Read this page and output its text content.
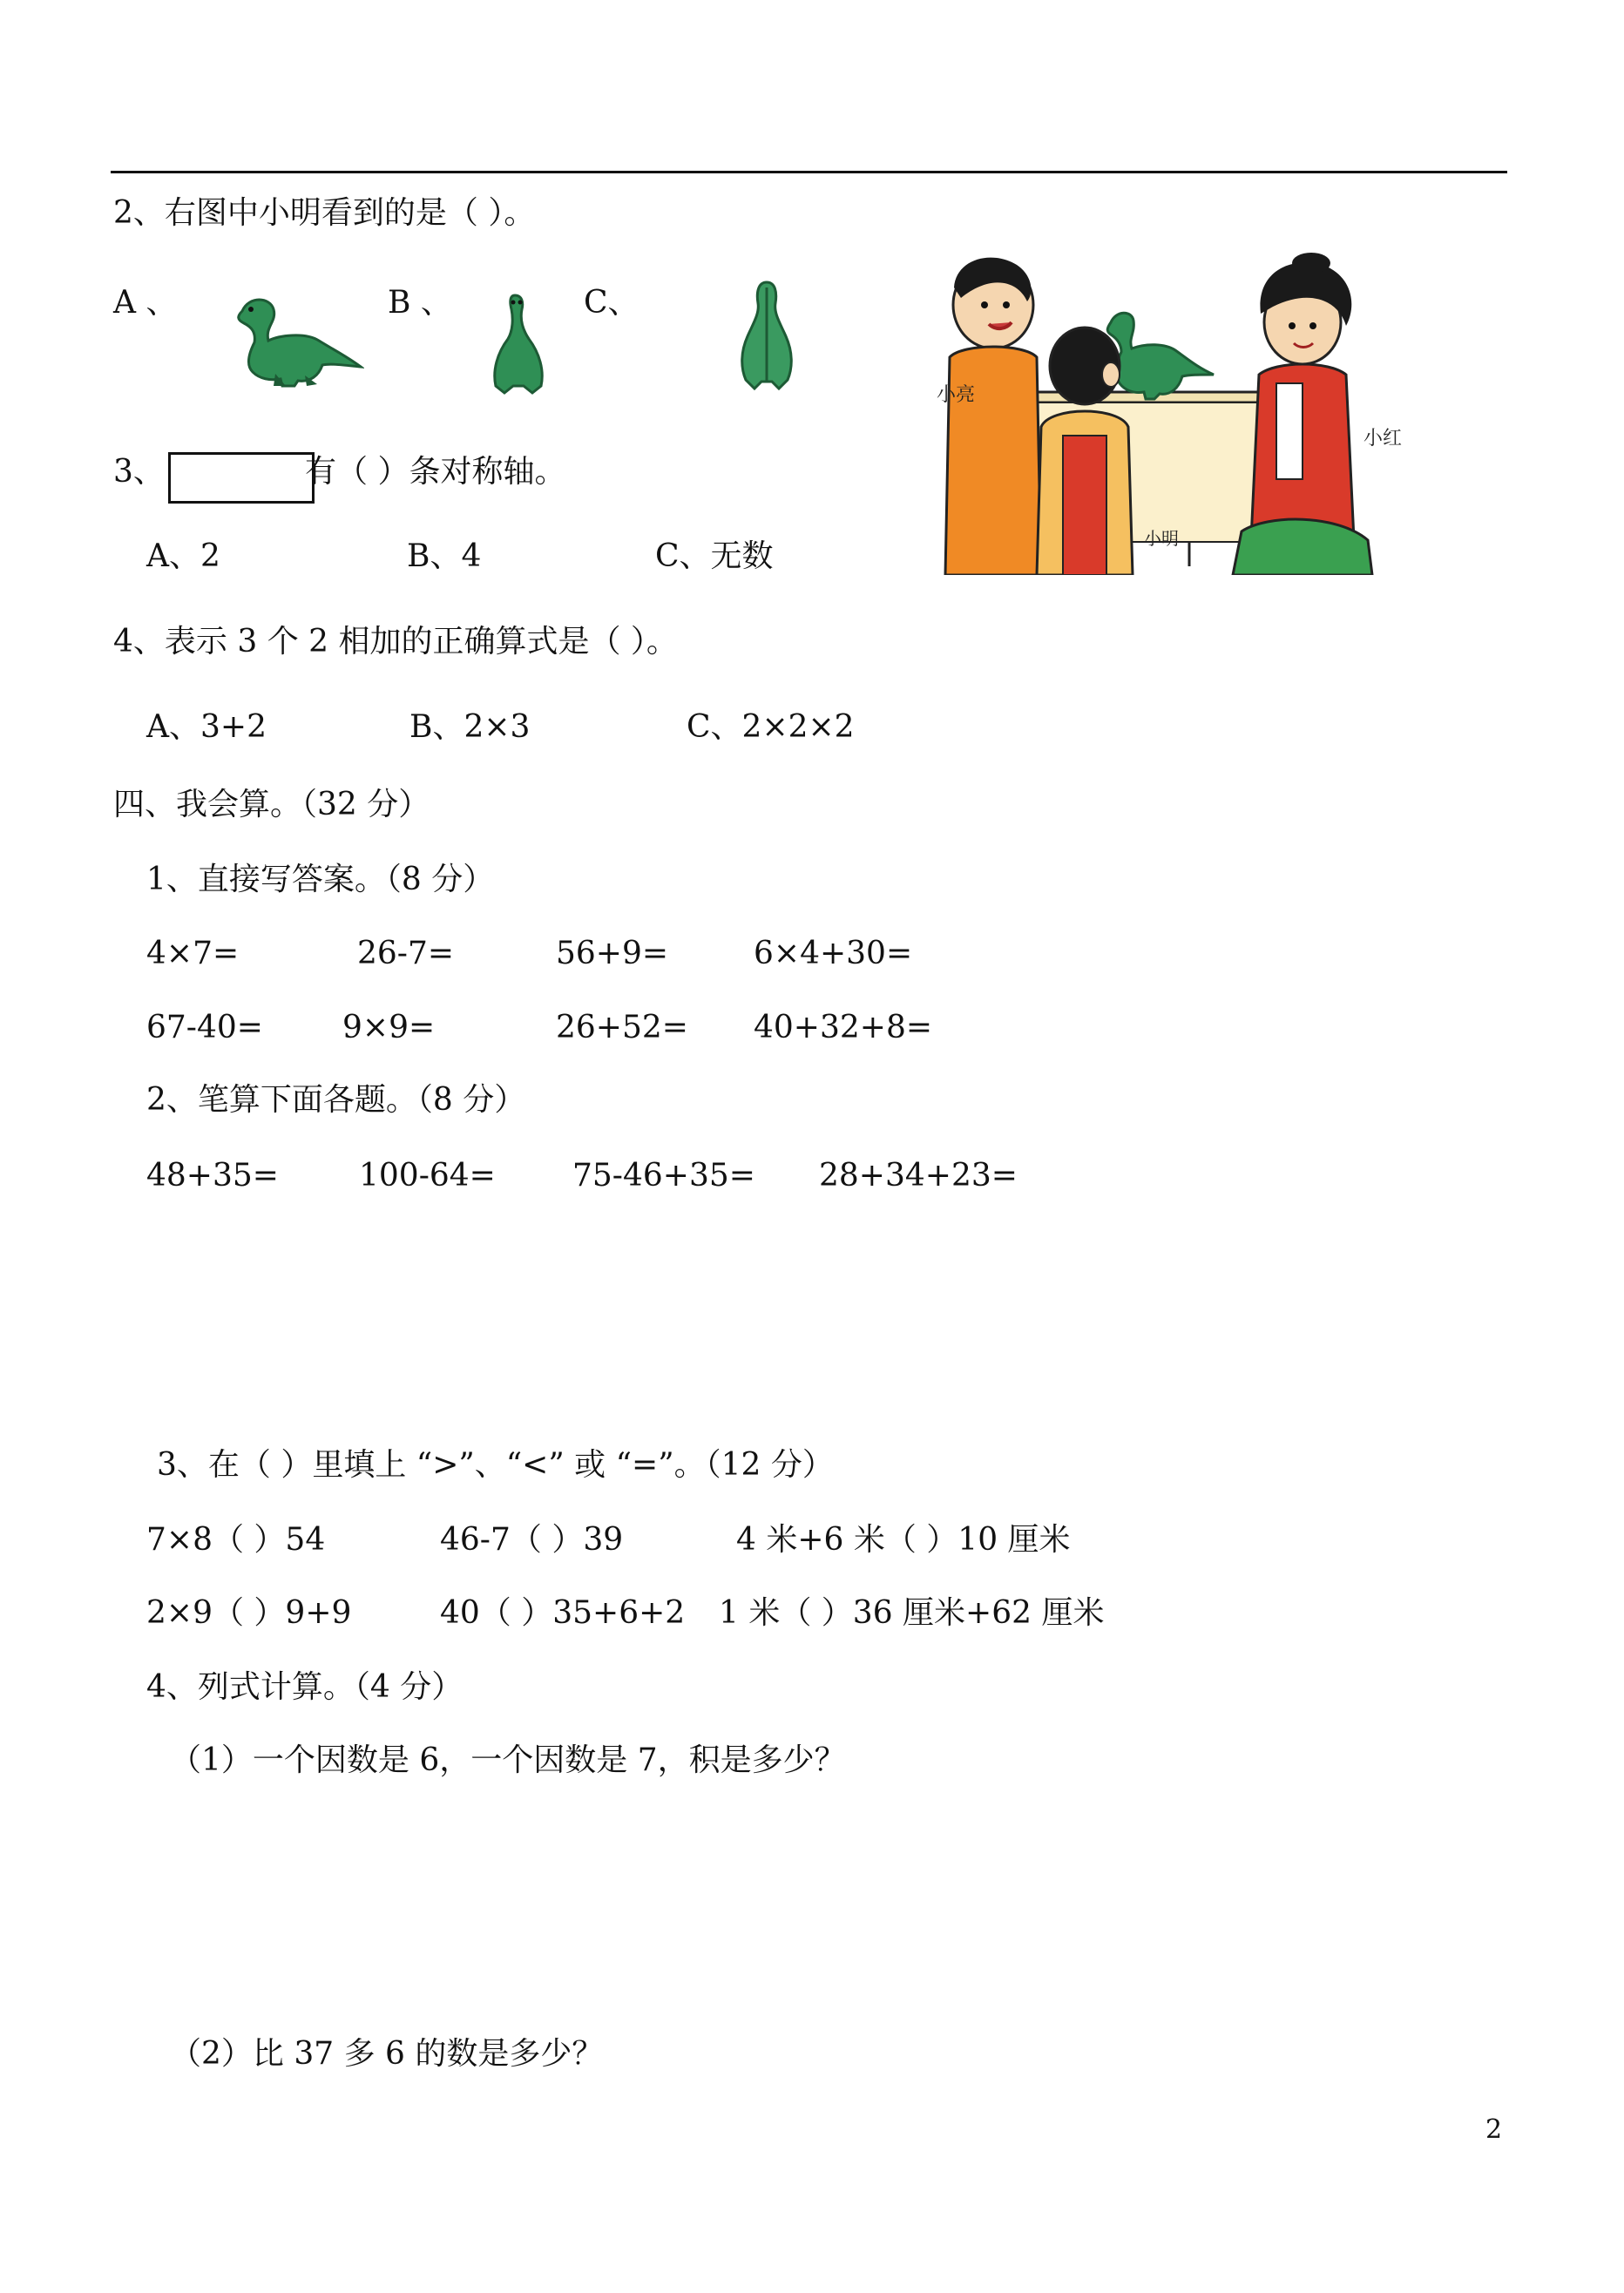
2、右图中小明看到的是（ ）。
A 、	B 、	C、
小亮
小红
小明
3、	有（ ）条对称轴。
A、2	B、4	C、无数
4、表示 3 个 2 相加的正确算式是（ ）。
A、3+2	B、2×3	C、2×2×2
四、我会算。（32 分）
1、直接写答案。（8 分）
4×7=	26-7=	56+9=	6×4+30=
67-40=	9×9=	26+52= 40+32+8=
2、笔算下面各题。（8 分）
48+35=	100-64= 75-46+35= 28+34+23=
3、在（ ）里填上 “>”、“<” 或 “=”。（12 分）
7×8（ ）54	46-7（ ）39	4 米+6 米（ ）10 厘米
2×9（ ）9+9	40（ ）35+6+2 1 米（ ）36 厘米+62 厘米
4、列式计算。（4 分）
（1）一个因数是 6，一个因数是 7，积是多少？
（2）比 37 多 6 的数是多少？
2
